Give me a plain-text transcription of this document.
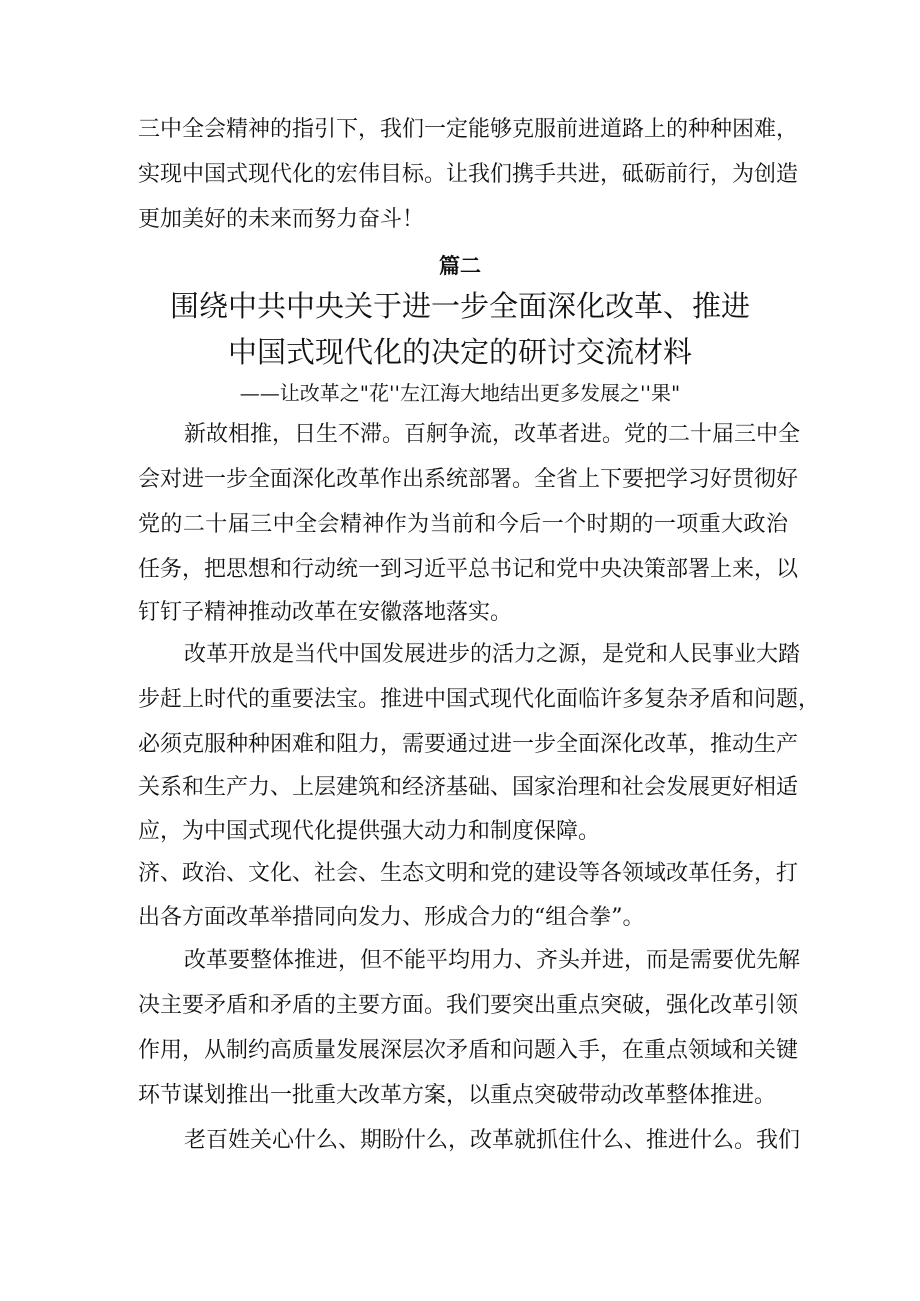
三中全会精神的指引下，我们一定能够克服前进道路上的种种困难，
实现中国式现代化的宏伟目标。让我们携手共进，砥砺前行，为创造
更加美好的未来而努力奋斗！
篇二
围绕中共中央关于进一步全面深化改革、推进
中国式现代化的决定的研讨交流材料
——让改革之"花''左江海大地结出更多发展之''果"
新故相推，日生不滞。百舸争流，改革者进。党的二十届三中全
会对进一步全面深化改革作出系统部署。全省上下要把学习好贯彻好
党的二十届三中全会精神作为当前和今后一个时期的一项重大政治
任务，把思想和行动统一到习近平总书记和党中央决策部署上来，以
钉钉子精神推动改革在安徽落地落实。
改革开放是当代中国发展进步的活力之源，是党和人民事业大踏
步赶上时代的重要法宝。推进中国式现代化面临许多复杂矛盾和问题，
必须克服种种困难和阻力，需要通过进一步全面深化改革，推动生产
关系和生产力、上层建筑和经济基础、国家治理和社会发展更好相适
应，为中国式现代化提供强大动力和制度保障。
济、政治、文化、社会、生态文明和党的建设等各领域改革任务，打
出各方面改革举措同向发力、形成合力的“组合拳”。
改革要整体推进，但不能平均用力、齐头并进，而是需要优先解
决主要矛盾和矛盾的主要方面。我们要突出重点突破，强化改革引领
作用，从制约高质量发展深层次矛盾和问题入手，在重点领域和关键
环节谋划推出一批重大改革方案，以重点突破带动改革整体推进。
老百姓关心什么、期盼什么，改革就抓住什么、推进什么。我们
